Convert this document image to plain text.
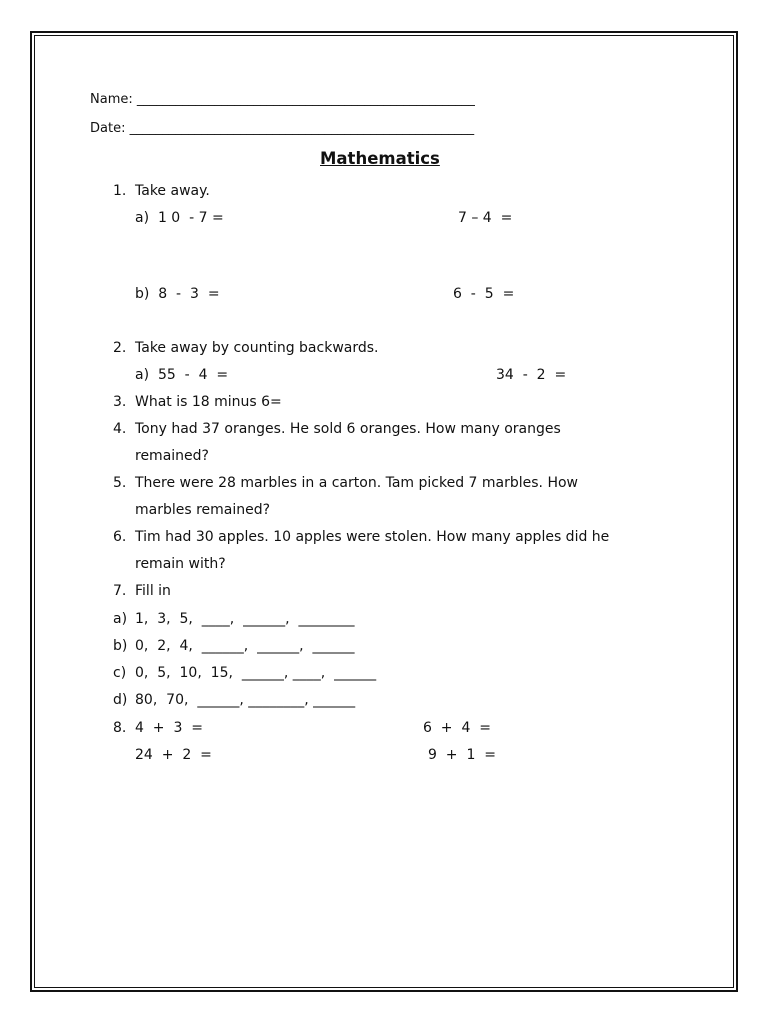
Name: ____________________________________________________
Date: _____________________________________________________
Mathematics
1. Take away.
a)  1 0  - 7 =	7 – 4  =
b)  8  -  3  =	6  -  5  =
2. Take away by counting backwards.
a)  55  -  4  =	34  -  2  =
3. What is 18 minus 6=
4. Tony had 37 oranges. He sold 6 oranges. How many oranges
remained?
5. There were 28 marbles in a carton. Tam picked 7 marbles. How
marbles remained?
6. Tim had 30 apples. 10 apples were stolen. How many apples did he
remain with?
7. Fill in
a) 1,  3,  5,  ____,  ______,  ________
b) 0,  2,  4,  ______,  ______,  ______
c) 0,  5,  10,  15,  ______, ____,  ______
d) 80,  70,  ______, ________, ______
8. 4  +  3  =	6  +  4  =
24  +  2  =	9  +  1  =
